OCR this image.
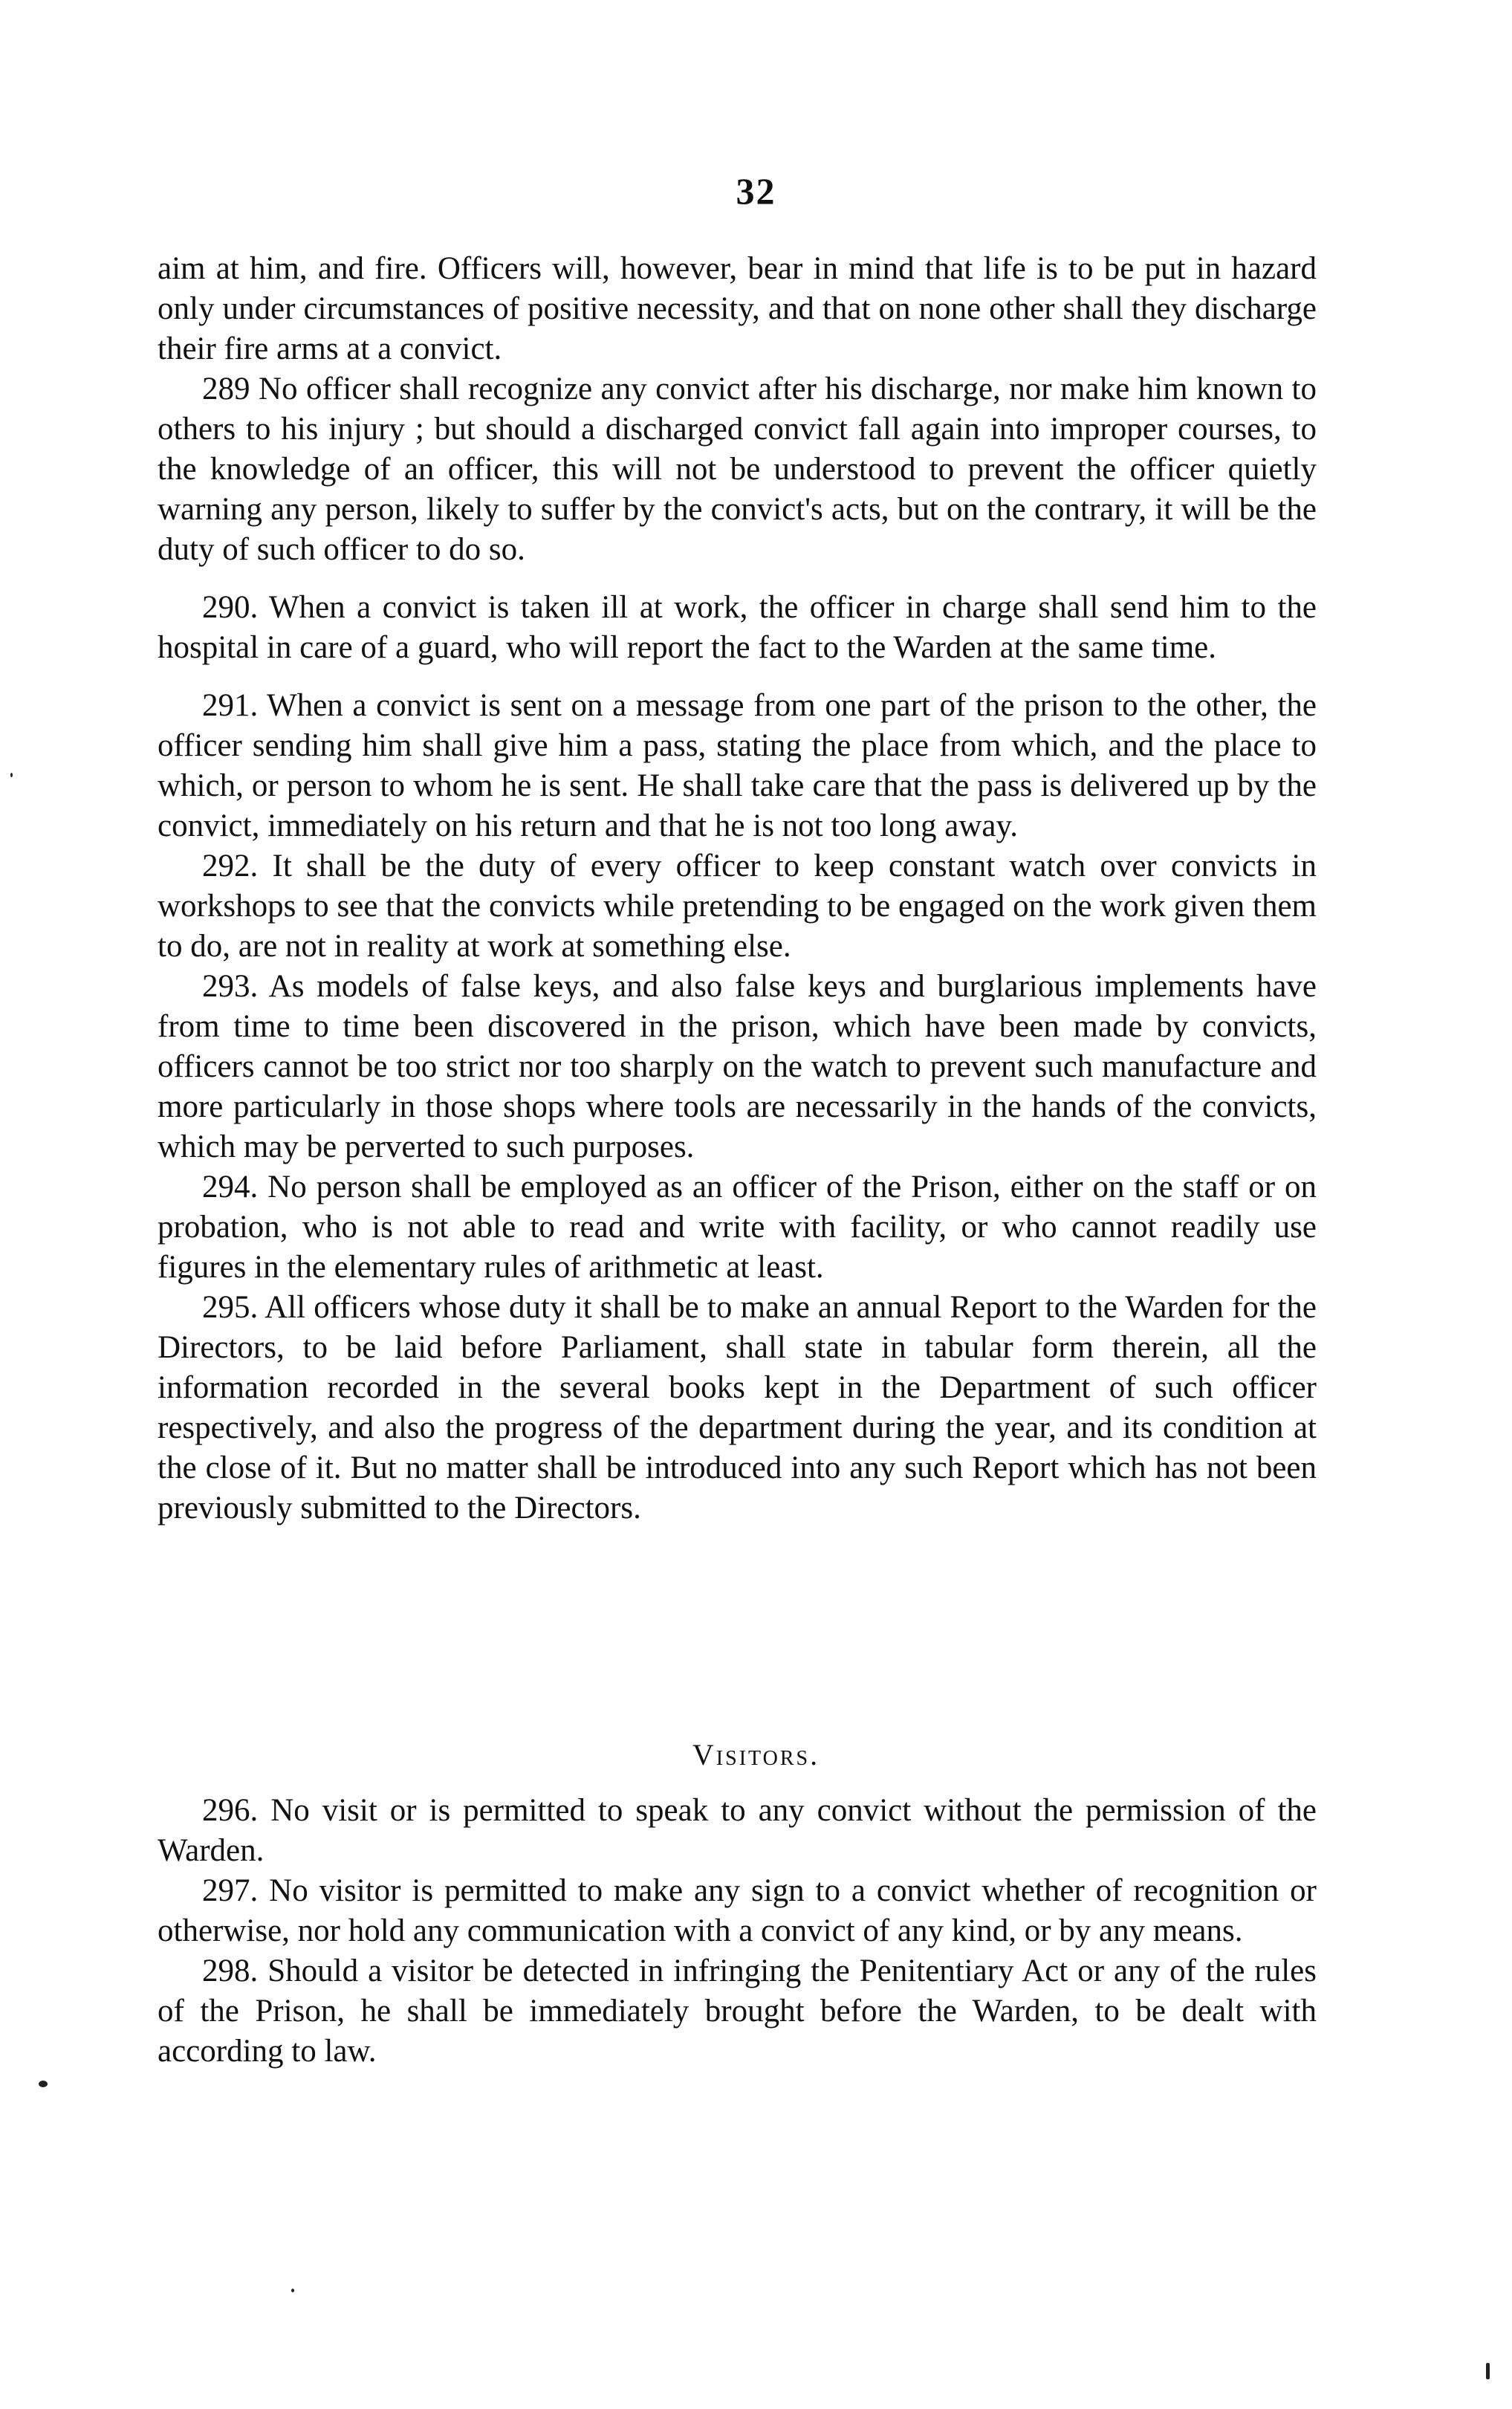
32

aim at him, and fire. Officers will, however, bear in mind that life is to be put in hazard only under circumstances of positive necessity, and that on none other shall they discharge their fire arms at a convict.

289 No officer shall recognize any convict after his discharge, nor make him known to others to his injury ; but should a discharged convict fall again into improper courses, to the knowledge of an officer, this will not be understood to prevent the officer quietly warning any person, likely to suffer by the convict's acts, but on the contrary, it will be the duty of such officer to do so.

290. When a convict is taken ill at work, the officer in charge shall send him to the hospital in care of a guard, who will report the fact to the Warden at the same time.

291. When a convict is sent on a message from one part of the prison to the other, the officer sending him shall give him a pass, stating the place from which, and the place to which, or person to whom he is sent. He shall take care that the pass is delivered up by the convict, immediately on his return and that he is not too long away.

292. It shall be the duty of every officer to keep constant watch over convicts in workshops to see that the convicts while pretending to be engaged on the work given them to do, are not in reality at work at something else.

293. As models of false keys, and also false keys and burglarious implements have from time to time been discovered in the prison, which have been made by convicts, officers cannot be too strict nor too sharply on the watch to prevent such manufacture and more particularly in those shops where tools are necessarily in the hands of the convicts, which may be perverted to such purposes.

294. No person shall be employed as an officer of the Prison, either on the staff or on probation, who is not able to read and write with facility, or who cannot readily use figures in the elementary rules of arithmetic at least.

295. All officers whose duty it shall be to make an annual Report to the Warden for the Directors, to be laid before Parliament, shall state in tabular form therein, all the information recorded in the several books kept in the Department of such officer respectively, and also the progress of the department during the year, and its condition at the close of it. But no matter shall be introduced into any such Report which has not been previously submitted to the Directors.

Visitors.

296. No visit or is permitted to speak to any convict without the permission of the Warden.

297. No visitor is permitted to make any sign to a convict whether of recognition or otherwise, nor hold any communication with a convict of any kind, or by any means.

298. Should a visitor be detected in infringing the Penitentiary Act or any of the rules of the Prison, he shall be immediately brought before the Warden, to be dealt with according to law.
